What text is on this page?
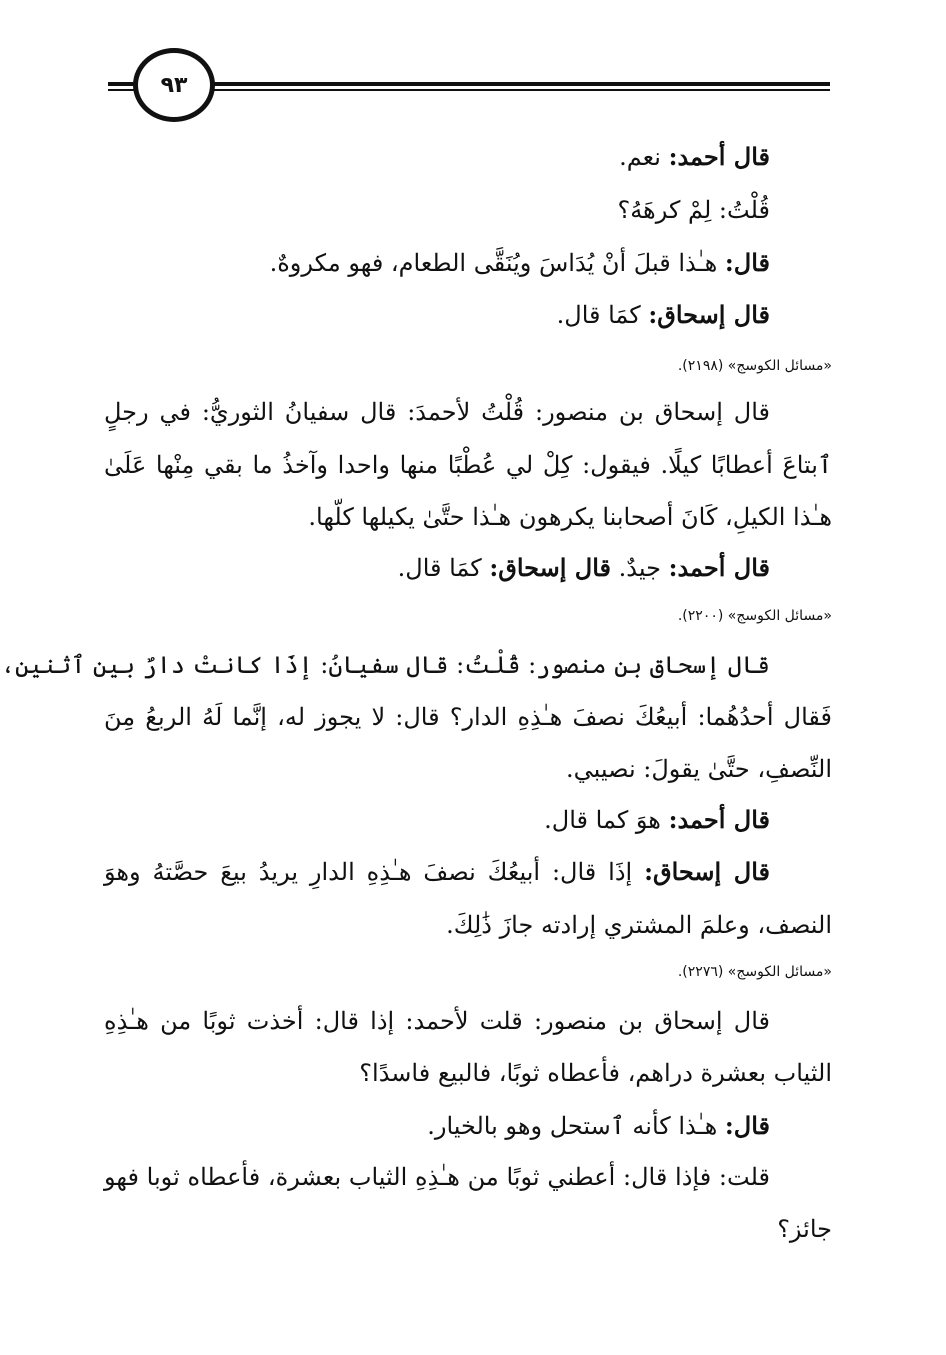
٩٣
قال أحمد: نعم.
قُلْتُ: لِمْ كرهَهُ؟
قال: هـٰذا قبلَ أنْ يُدَاسَ ويُنَقَّى الطعام، فهو مكروهٌ.
قال إسحاق: كمَا قال.
«مسائل الكوسج» (٢١٩٨).
قال إسحاق بن منصور: قُلْتُ لأحمدَ: قال سفيانُ الثوريُّ: في رجلٍ
ٱبتاعَ أعطابًا كيلًا. فيقول: كِلْ لي عُطْبًا منها واحدا وآخذُ ما بقي مِنْها عَلَىٰ
هـٰذا الكيلِ، كَانَ أصحابنا يكرهون هـٰذا حتَّىٰ يكيلها كلّها.
قال أحمد: جيدٌ. قال إسحاق: كمَا قال.
«مسائل الكوسج» (٢٢٠٠).
قال إسحاق بن منصور: قُلْتُ: قال سفيانُ: إذَا كانتْ دارٌ بين ٱثنين،
فَقال أحدُهُما: أبيعُكَ نصفَ هـٰذِهِ الدار؟ قال: لا يجوز له، إنَّما لَهُ الربعُ مِنَ
النِّصفِ، حتَّىٰ يقولَ: نصيبي.
قال أحمد: هوَ كما قال.
قال إسحاق: إذَا قال: أبيعُكَ نصفَ هـٰذِهِ الدارِ يريدُ بيعَ حصَّتهُ وهوَ
النصف، وعلمَ المشتري إرادته جازَ ذَٰلِكَ.
«مسائل الكوسج» (٢٢٧٦).
قال إسحاق بن منصور: قلت لأحمد: إذا قال: أخذت ثوبًا من هـٰذِهِ
الثياب بعشرة دراهم، فأعطاه ثوبًا، فالبيع فاسدًا؟
قال: هـٰذا كأنه ٱستحل وهو بالخيار.
قلت: فإذا قال: أعطني ثوبًا من هـٰذِهِ الثياب بعشرة، فأعطاه ثوبا فهو
جائز؟
